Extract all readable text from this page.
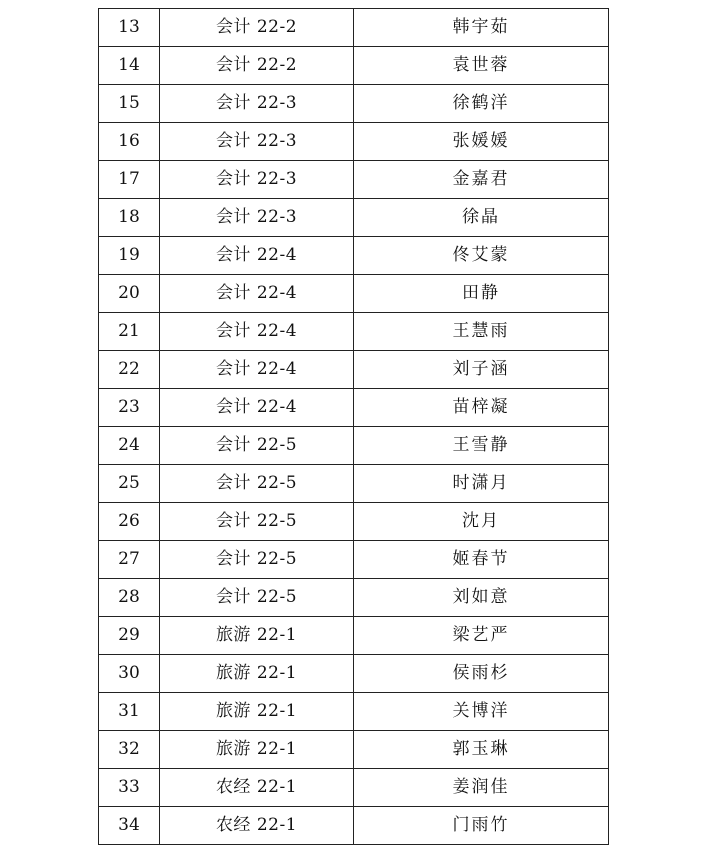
13	会计 22-2	韩宇茹
14	会计 22-2	袁世蓉
15	会计 22-3	徐鹤洋
16	会计 22-3	张媛媛
17	会计 22-3	金嘉君
18	会计 22-3	徐晶
19	会计 22-4	佟艾蒙
20	会计 22-4	田静
21	会计 22-4	王慧雨
22	会计 22-4	刘子涵
23	会计 22-4	苗梓凝
24	会计 22-5	王雪静
25	会计 22-5	时潇月
26	会计 22-5	沈月
27	会计 22-5	姬春节
28	会计 22-5	刘如意
29	旅游 22-1	梁艺严
30	旅游 22-1	侯雨杉
31	旅游 22-1	关博洋
32	旅游 22-1	郭玉琳
33	农经 22-1	姜润佳
34	农经 22-1	门雨竹
